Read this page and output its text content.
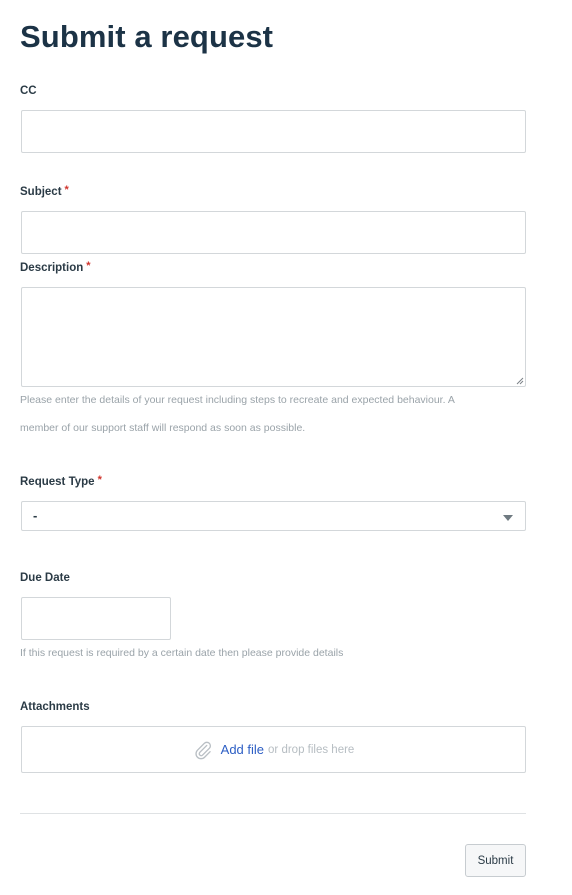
Submit a request
CC
Subject *
Description *
Please enter the details of your request including steps to recreate and expected behaviour. A
member of our support staff will respond as soon as possible.
Request Type *
-
Due Date
If this request is required by a certain date then please provide details
Attachments
Add file or drop files here
Submit
